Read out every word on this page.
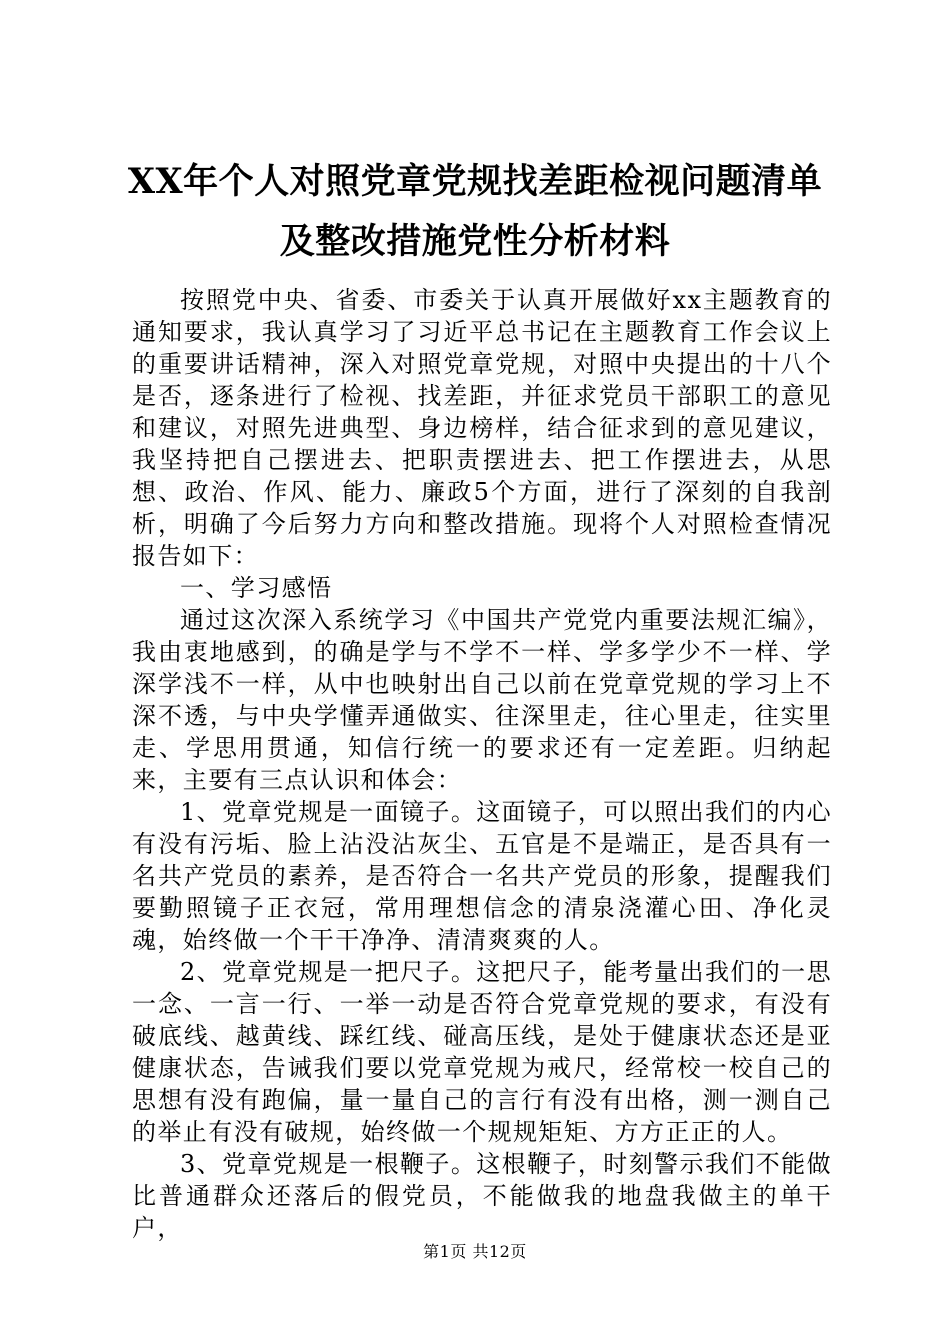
XX年个人对照党章党规找差距检视问题清单
及整改措施党性分析材料

按照党中央、省委、市委关于认真开展做好xx主题教育的通知要求，我认真学习了习近平总书记在主题教育工作会议上的重要讲话精神，深入对照党章党规，对照中央提出的十八个是否，逐条进行了检视、找差距，并征求党员干部职工的意见和建议，对照先进典型、身边榜样，结合征求到的意见建议，我坚持把自己摆进去、把职责摆进去、把工作摆进去，从思想、政治、作风、能力、廉政5个方面，进行了深刻的自我剖析，明确了今后努力方向和整改措施。现将个人对照检查情况报告如下：

一、学习感悟

通过这次深入系统学习《中国共产党党内重要法规汇编》，我由衷地感到，的确是学与不学不一样、学多学少不一样、学深学浅不一样，从中也映射出自己以前在党章党规的学习上不深不透，与中央学懂弄通做实、往深里走，往心里走，往实里走、学思用贯通，知信行统一的要求还有一定差距。归纳起来，主要有三点认识和体会：

1、党章党规是一面镜子。这面镜子，可以照出我们的内心有没有污垢、脸上沾没沾灰尘、五官是不是端正，是否具有一名共产党员的素养，是否符合一名共产党员的形象，提醒我们要勤照镜子正衣冠，常用理想信念的清泉浇灌心田、净化灵魂，始终做一个干干净净、清清爽爽的人。

2、党章党规是一把尺子。这把尺子，能考量出我们的一思一念、一言一行、一举一动是否符合党章党规的要求，有没有破底线、越黄线、踩红线、碰高压线，是处于健康状态还是亚健康状态，告诫我们要以党章党规为戒尺，经常校一校自己的思想有没有跑偏，量一量自己的言行有没有出格，测一测自己的举止有没有破规，始终做一个规规矩矩、方方正正的人。

3、党章党规是一根鞭子。这根鞭子，时刻警示我们不能做比普通群众还落后的假党员，不能做我的地盘我做主的单干户，

第1页 共12页
